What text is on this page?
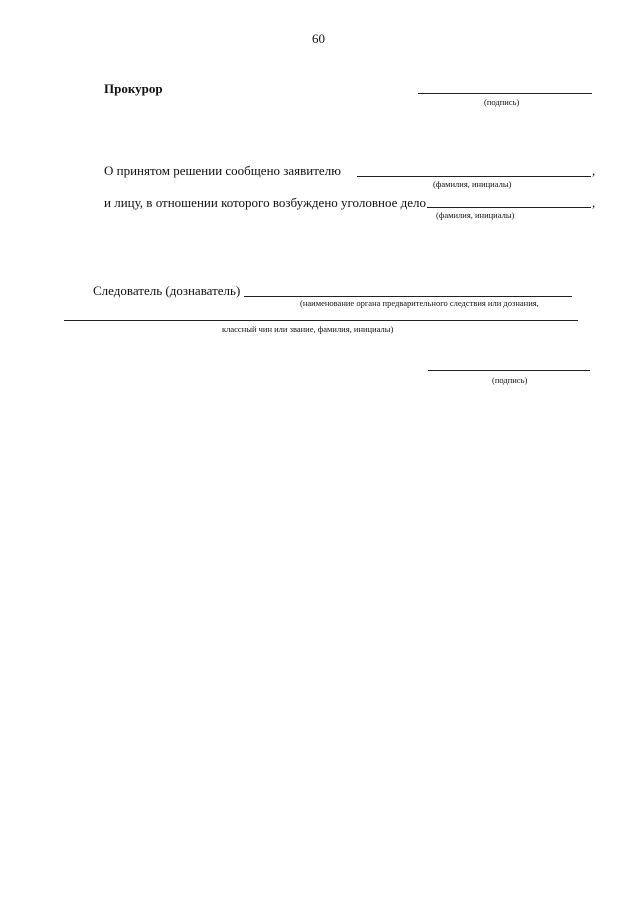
60
Прокурор
(подпись)
О принятом решении сообщено заявителю	,
(фамилия, инициалы)
и лицу, в отношении которого возбуждено уголовное дело	,
(фамилия, инициалы)
Следователь (дознаватель)
(наименование органа предварительного следствия или дознания,
классный чин или звание, фамилия, инициалы)
(подпись)
